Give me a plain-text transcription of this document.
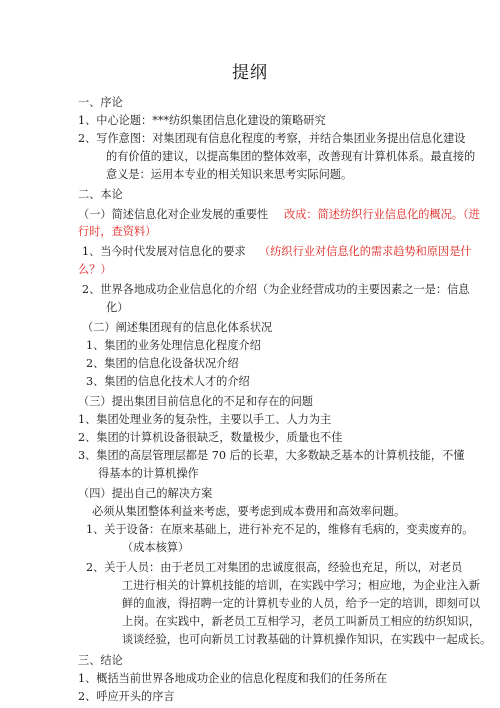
提纲
一、序论
1、中心论题：***纺织集团信息化建设的策略研究
2、写作意图：对集团现有信息化程度的考察，并结合集团业务提出信息化建设
的有价值的建议，以提高集团的整体效率，改善现有计算机体系。最直接的
意义是：运用本专业的相关知识来思考实际问题。
二、本论
（一）简述信息化对企业发展的重要性 改成：简述纺织行业信息化的概况。（进
行时，查资料）
1、当今时代发展对信息化的要求 （纺织行业对信息化的需求趋势和原因是什
么？）
2、世界各地成功企业信息化的介绍（为企业经营成功的主要因素之一是：信息
化）
（二）阐述集团现有的信息化体系状况
1、集团的业务处理信息化程度介绍
2、集团的信息化设备状况介绍
3、集团的信息化技术人才的介绍
（三）提出集团目前信息化的不足和存在的问题
1、集团处理业务的复杂性，主要以手工、人力为主
2、集团的计算机设备很缺乏，数量极少，质量也不佳
3、集团的高层管理层都是 70 后的长辈，大多数缺乏基本的计算机技能，不懂
得基本的计算机操作
（四）提出自己的解决方案
必须从集团整体利益来考虑，要考虑到成本费用和高效率问题。
1、关于设备：在原来基础上，进行补充不足的，维修有毛病的，变卖废弃的。
（成本核算）
2、关于人员：由于老员工对集团的忠诚度很高，经验也充足，所以，对老员
工进行相关的计算机技能的培训，在实践中学习；相应地，为企业注入新
鲜的血液，得招聘一定的计算机专业的人员，给予一定的培训，即刻可以
上岗。在实践中，新老员工互相学习，老员工叫新员工相应的纺织知识，
谈谈经验，也可向新员工讨教基础的计算机操作知识，在实践中一起成长。
三、结论
1、概括当前世界各地成功企业的信息化程度和我们的任务所在
2、呼应开头的序言
